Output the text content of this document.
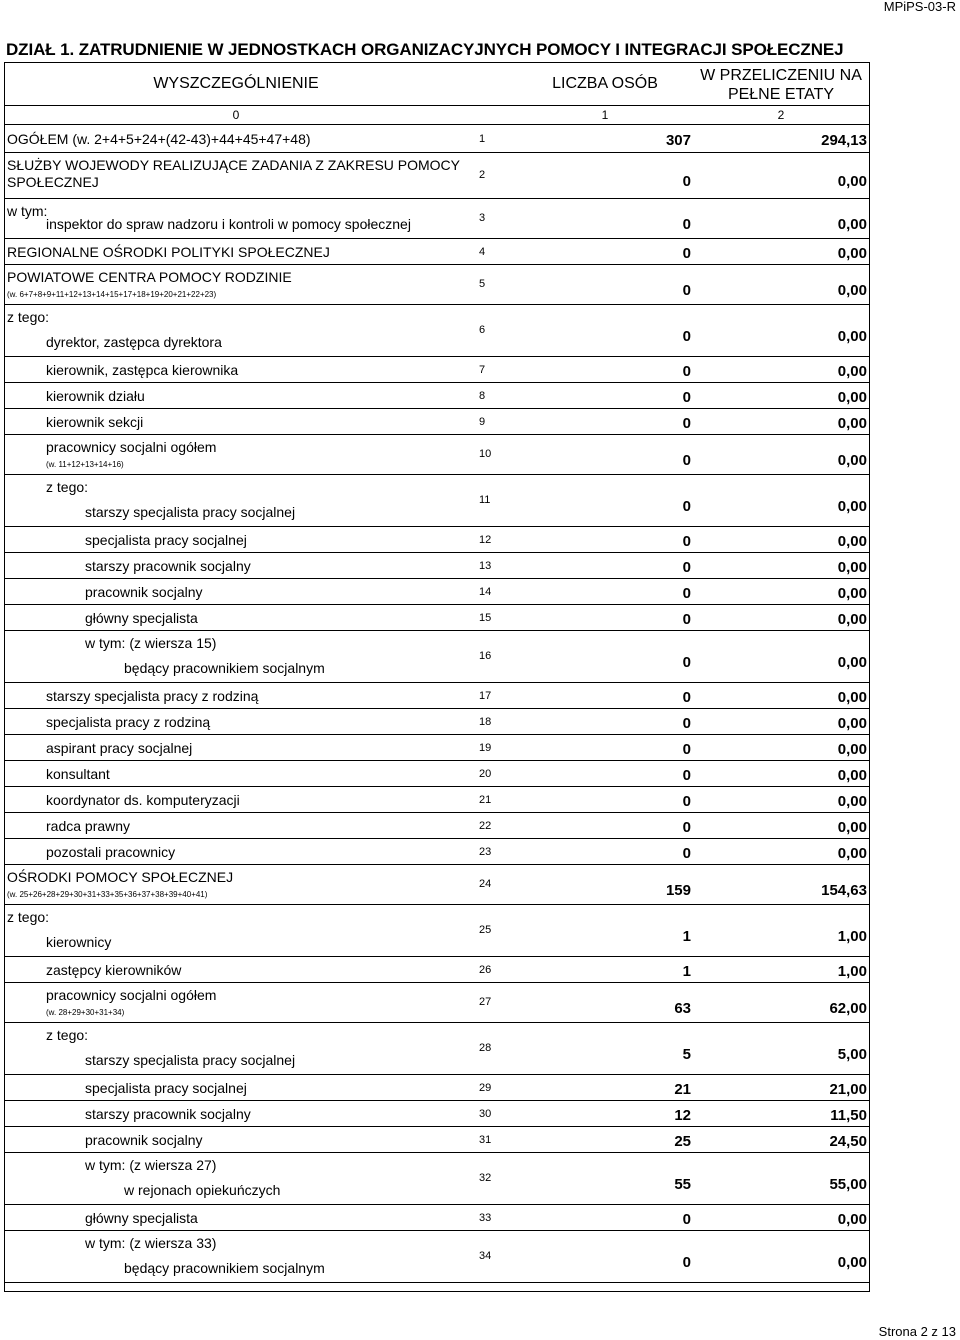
MPiPS-03-R
DZIAŁ 1. ZATRUDNIENIE W JEDNOSTKACH ORGANIZACYJNYCH POMOCY I INTEGRACJI SPOŁECZNEJ
WYSZCZEGÓLNIENIE	LICZBA OSÓB	W PRZELICZENIU NA PEŁNE ETATY
0	1	2
OGÓŁEM (w. 2+4+5+24+(42-43)+44+45+47+48)	1	307	294,13
SŁUŻBY WOJEWODY REALIZUJĄCE ZADANIA Z ZAKRESU POMOCY
SPOŁECZNEJ	2	0	0,00
w tym:
inspektor do spraw nadzoru i kontroli w pomocy społecznej	3	0	0,00
REGIONALNE OŚRODKI POLITYKI SPOŁECZNEJ	4	0	0,00
POWIATOWE CENTRA POMOCY RODZINIE
(w. 6+7+8+9+11+12+13+14+15+17+18+19+20+21+22+23)
5	0	0,00
z tego:
dyrektor, zastępca dyrektora
6	0	0,00
kierownik, zastępca kierownika	7	0	0,00
kierownik działu	8	0	0,00
kierownik sekcji	9	0	0,00
pracownicy socjalni ogółem
(w. 11+12+13+14+16)
10	0	0,00
z tego:
starszy specjalista pracy socjalnej
11	0	0,00
specjalista pracy socjalnej	12	0	0,00
starszy pracownik socjalny	13	0	0,00
pracownik socjalny	14	0	0,00
główny specjalista	15	0	0,00
w tym: (z wiersza 15)
będący pracownikiem socjalnym
16	0	0,00
starszy specjalista pracy z rodziną	17	0	0,00
specjalista pracy z rodziną	18	0	0,00
aspirant pracy socjalnej	19	0	0,00
konsultant	20	0	0,00
koordynator ds. komputeryzacji	21	0	0,00
radca prawny	22	0	0,00
pozostali pracownicy	23	0	0,00
OŚRODKI POMOCY SPOŁECZNEJ
(w. 25+26+28+29+30+31+33+35+36+37+38+39+40+41)
24	159	154,63
z tego:
kierownicy
25	1	1,00
zastępcy kierowników	26	1	1,00
pracownicy socjalni ogółem
(w. 28+29+30+31+34)
27	63	62,00
z tego:
starszy specjalista pracy socjalnej
28	5	5,00
specjalista pracy socjalnej	29	21	21,00
starszy pracownik socjalny	30	12	11,50
pracownik socjalny	31	25	24,50
w tym: (z wiersza 27)
w rejonach opiekuńczych
32	55	55,00
główny specjalista	33	0	0,00
w tym: (z wiersza 33)
będący pracownikiem socjalnym
34	0	0,00
Strona 2 z 13
